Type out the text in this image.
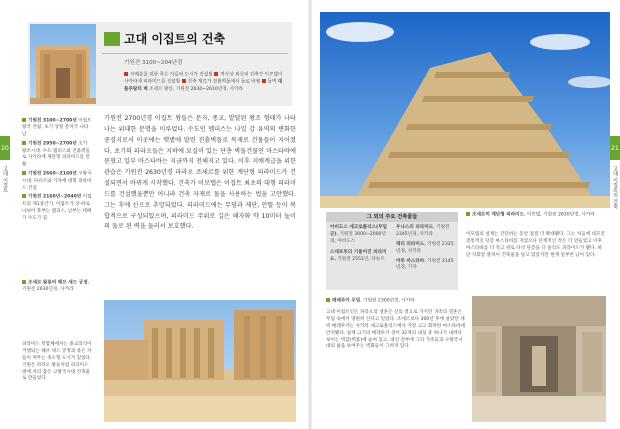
고대 이집트의 건축
기원전 3100~204년경
지배층을 위한 죽은 자들의 도시가 건설됨 역사상 최초의 건축가 이모텝이 사카라에 피라미드를 건설함 건축 재료가 진흙벽돌에서 돌로 바뀜 돌벽 대플루탐의 벽 조세르 왕릉, 기원전 2630~2610년경, 사카라
20
고대 이집트
기원전 3100~2700년 이집트 왕국 건립. 초기 상형 문자가 나타남
기원전 2950~2700년 초기 왕조시대. 수도 멤피스와 진흙벽돌로 사카라에 제단형 피라미드를 만듦
기원전 2660~2160년 구왕국시대. 다슈르와 기자에 대형 피라미드 건설
기원전 2160년~2040년 이집트의 제1중간기. 이집트가 상·하로 나뉘어 북부는 멤피스, 남부는 테베가 수도가 됨
조세르 왕릉의 헤브 세드 궁정, 기원전 2630년경, 사카라
피라미드 복합체에서는 종교의식이 거행되는 헤브 세드 궁정과 죽은 자들이 머무는 축소형 도시가 있었다. 기원은 파라오 왕들처럼 피라미드 옆에 자리 잡은 고왕국시대 건축물로 만들었다.
기원전 2700년경 이집트 왕들은 문자, 종교, 발달된 왕조 형태가 나타나는 위대한 문명을 이루었다. 수도인 멤피스는 나일 강 유역의 변화한 중심지로서 이곳에는 햇볕에 말린 진흙벽돌로 목재로 건물들이 지어졌다. 초기의 파라오들은 지하에 묘실이 있는 단층 벽돌건물인 마스타바에 묻혔고 일부 마스타바는 지금까지 전해지고 있다. 이후 지배계급을 위한 관습은 기원전 2630년경 파라오 조세르를 위한 계단형 피라미드가 건설되면서 바뀌게 시작했다. 건축가 이모텝은 이집트 최초의 대형 피라미드를 건설했을뿐만 아니라 건축 자재로 돌을 사용하는 법을 고안했다. 그는 후에 신으로 추앙되었다. 피라미드에는 무덤과 제단, 안뜰 등이 복합적으로 구성되었으며, 피라미드 주위로 길은 해자와 약 10미터 높이의 돌로 된 벽을 둘러서 보호했다.
21
고대 이집트의 건축
그 외의 주요 건축물들
아비도스 네크로폴리스(무덤군), 기원전 3000~2000년경, 아비도스
스네프루의 기울어진 피라미드, 기원전 2551년, 다슈르
우나스의 피라미드, 기원전 2345년경, 사카라
테티 피라미드, 기원전 2325년경, 사카라
마루 마스타바, 기원전 2145년경, 기자
조세르의 계단형 피라미드, 이모텝, 기원전 2630년경, 사카라
이모텝의 설계는 간단하는 동안 점점 더 확대됐다. 그는 처음에 네모진 전통적인 단층 마스타바를 지었으나 단계적인 작은 더 만들었고 이후 마스타바를 더 짓고 위로 다섯 단층을 더 올리도 피라미드가 됐다. 하단 석회암 블럭이 건축물을 덮고 있었지만 현재 일부만 남아 있다.
메레루카 무덤, 기원전 2300년경, 사카라
고대 이집트인은 파라오의 영혼은 신의 곁으로 가지만 귀족의 영혼은 무덤 속에서 영원히 산다고 믿었다. 조세르보다 300년 후에 살았던 세력 메레루카는 사카라 네크로폴리스에서 가장 크고 화려한 마스타바에 안치됐다. 실제 크기의 메레루카 상이 32개의 내실 중 하나가 내려다보이는 벽감(벽흠)에 놓여 있고, 대신 전부에 그의 가족들과 구왕국시대의 삶을 보여주는 벽화들이 그려져 있다.
